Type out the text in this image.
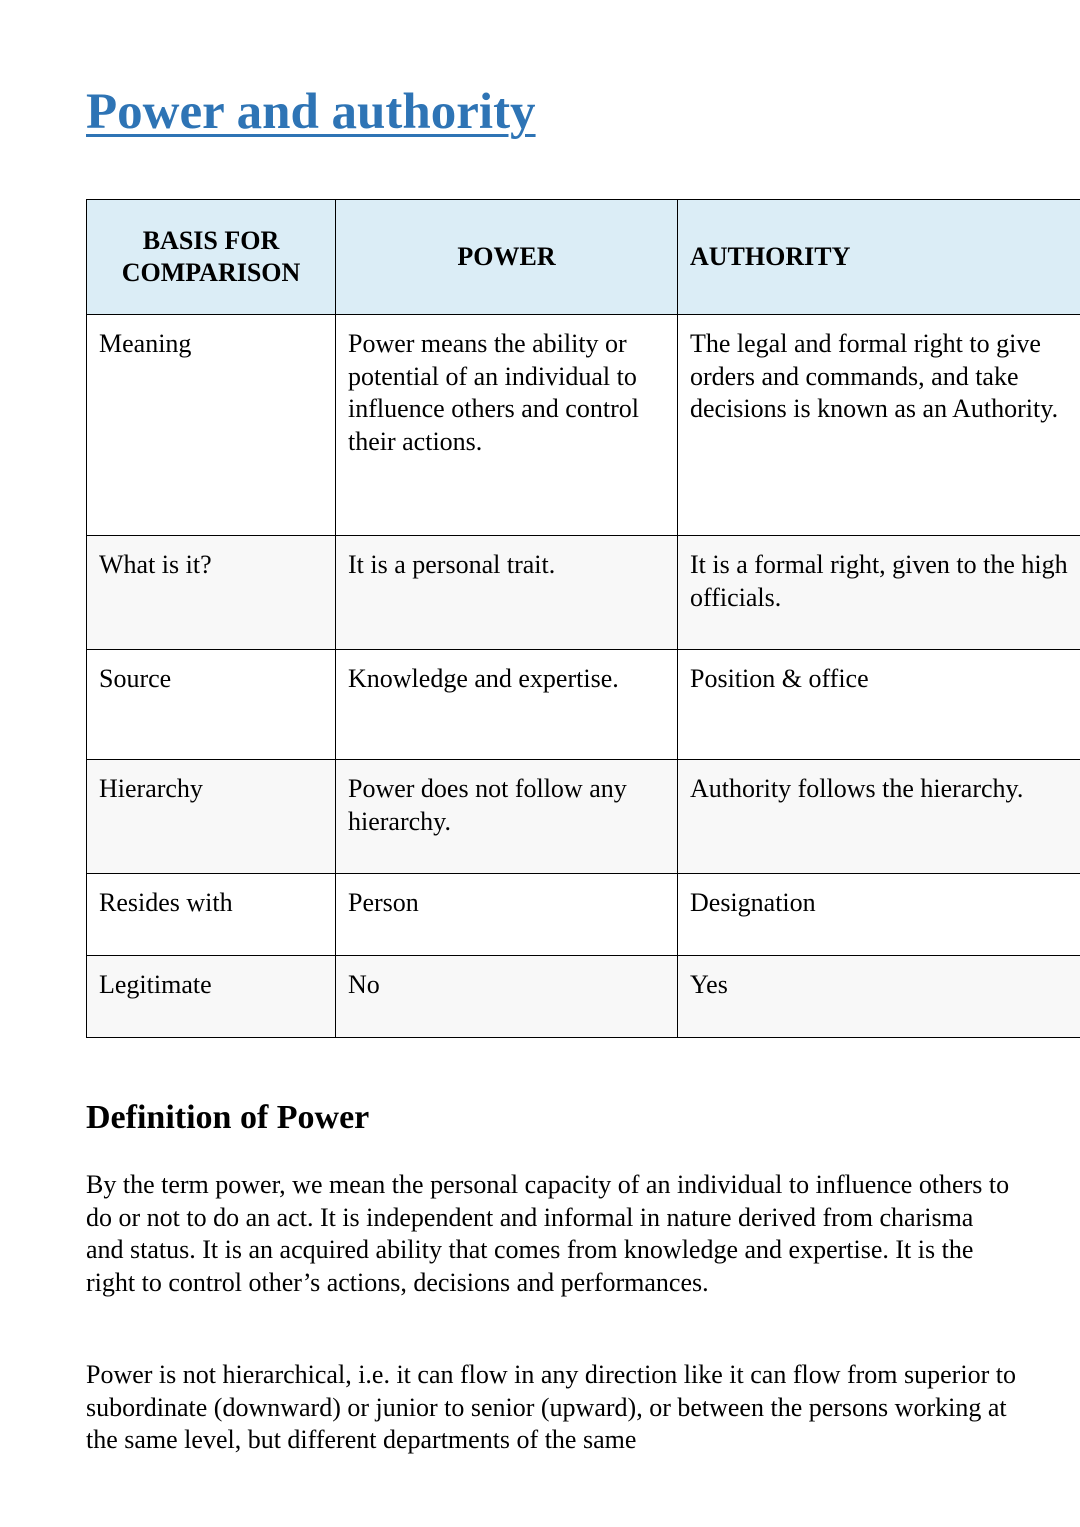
Power and authority
BASIS FOR COMPARISON	POWER	AUTHORITY
Meaning	Power means the ability or potential of an individual to influence others and control their actions.	The legal and formal right to give orders and commands, and take decisions is known as an Authority.
What is it?	It is a personal trait.	It is a formal right, given to the high officials.
Source	Knowledge and expertise.	Position & office
Hierarchy	Power does not follow any hierarchy.	Authority follows the hierarchy.
Resides with	Person	Designation
Legitimate	No	Yes
Definition of Power

By the term power, we mean the personal capacity of an individual to influence others to do or not to do an act. It is independent and informal in nature derived from charisma and status. It is an acquired ability that comes from knowledge and expertise. It is the right to control other’s actions, decisions and performances.

Power is not hierarchical, i.e. it can flow in any direction like it can flow from superior to subordinate (downward) or junior to senior (upward), or between the persons working at the same level, but different departments of the same
